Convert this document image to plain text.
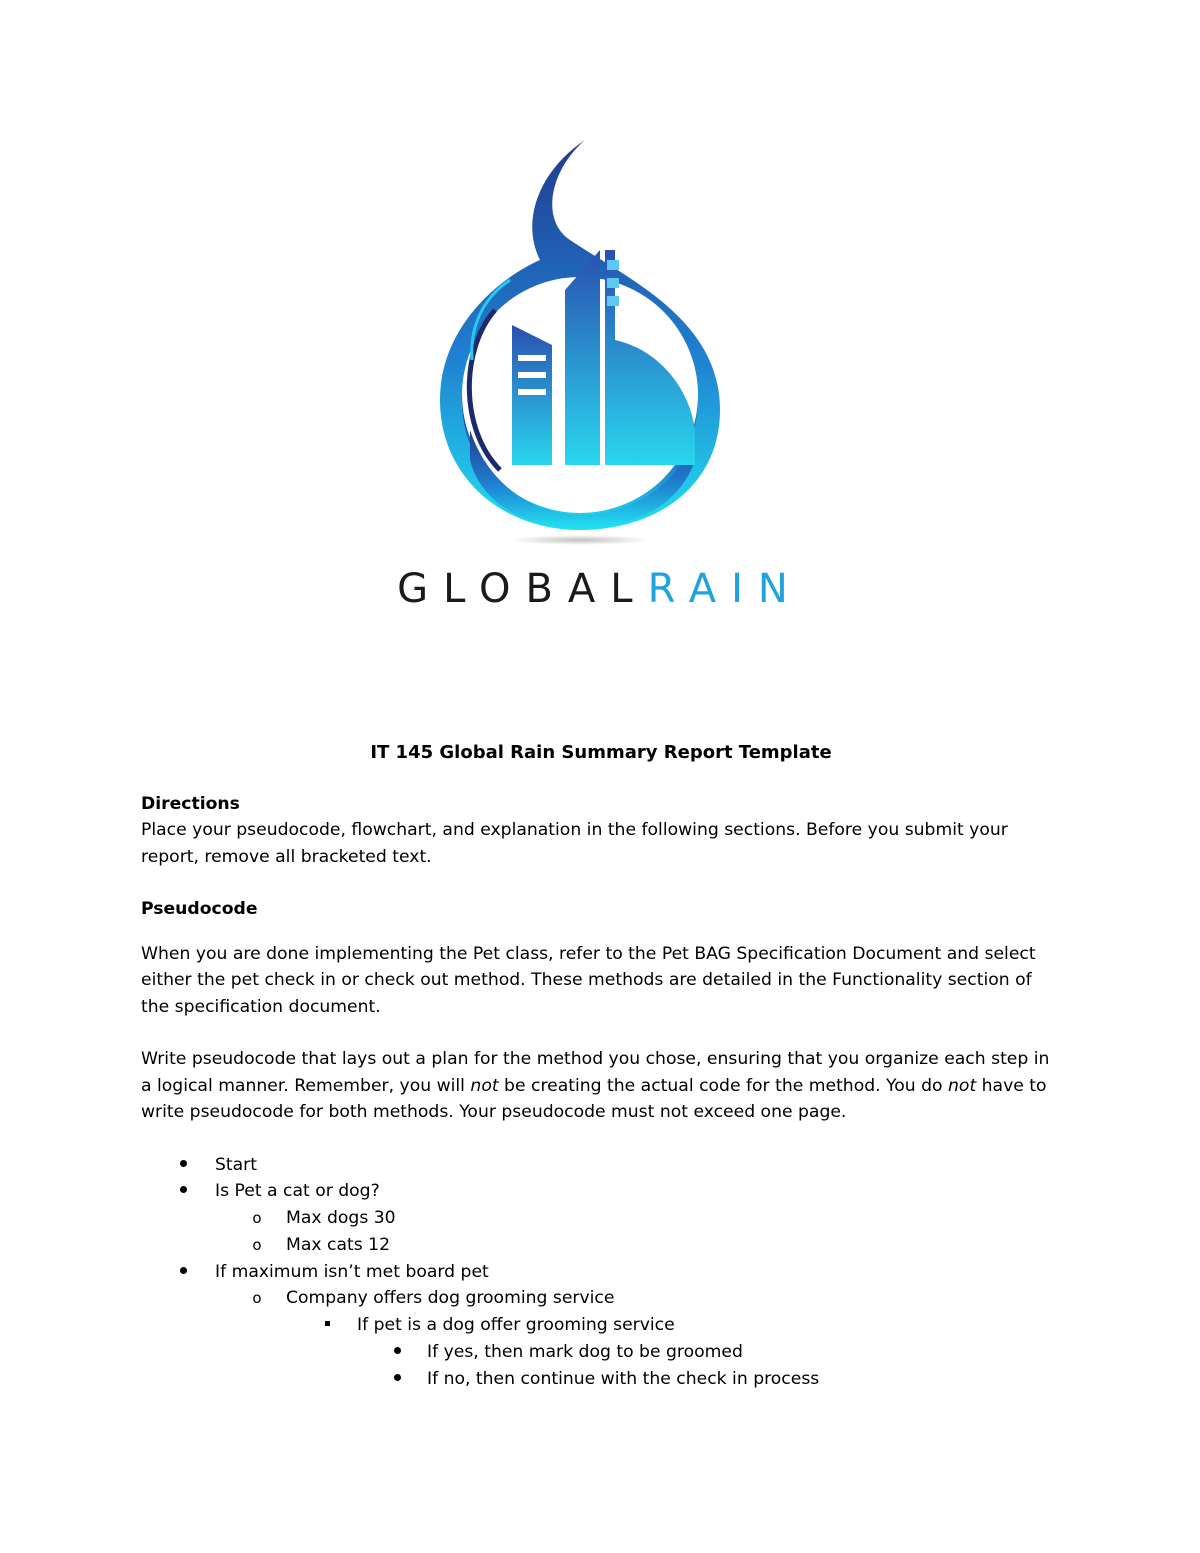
GLOBALRAIN

IT 145 Global Rain Summary Report Template

Directions

Place your pseudocode, flowchart, and explanation in the following sections. Before you submit your report, remove all bracketed text.

Pseudocode

When you are done implementing the Pet class, refer to the Pet BAG Specification Document and select either the pet check in or check out method. These methods are detailed in the Functionality section of the specification document.

Write pseudocode that lays out a plan for the method you chose, ensuring that you organize each step in a logical manner. Remember, you will not be creating the actual code for the method. You do not have to write pseudocode for both methods. Your pseudocode must not exceed one page.

Start
Is Pet a cat or dog?
o	Max dogs 30
o	Max cats 12
If maximum isn’t met board pet
o	Company offers dog grooming service
If pet is a dog offer grooming service
If yes, then mark dog to be groomed
If no, then continue with the check in process
